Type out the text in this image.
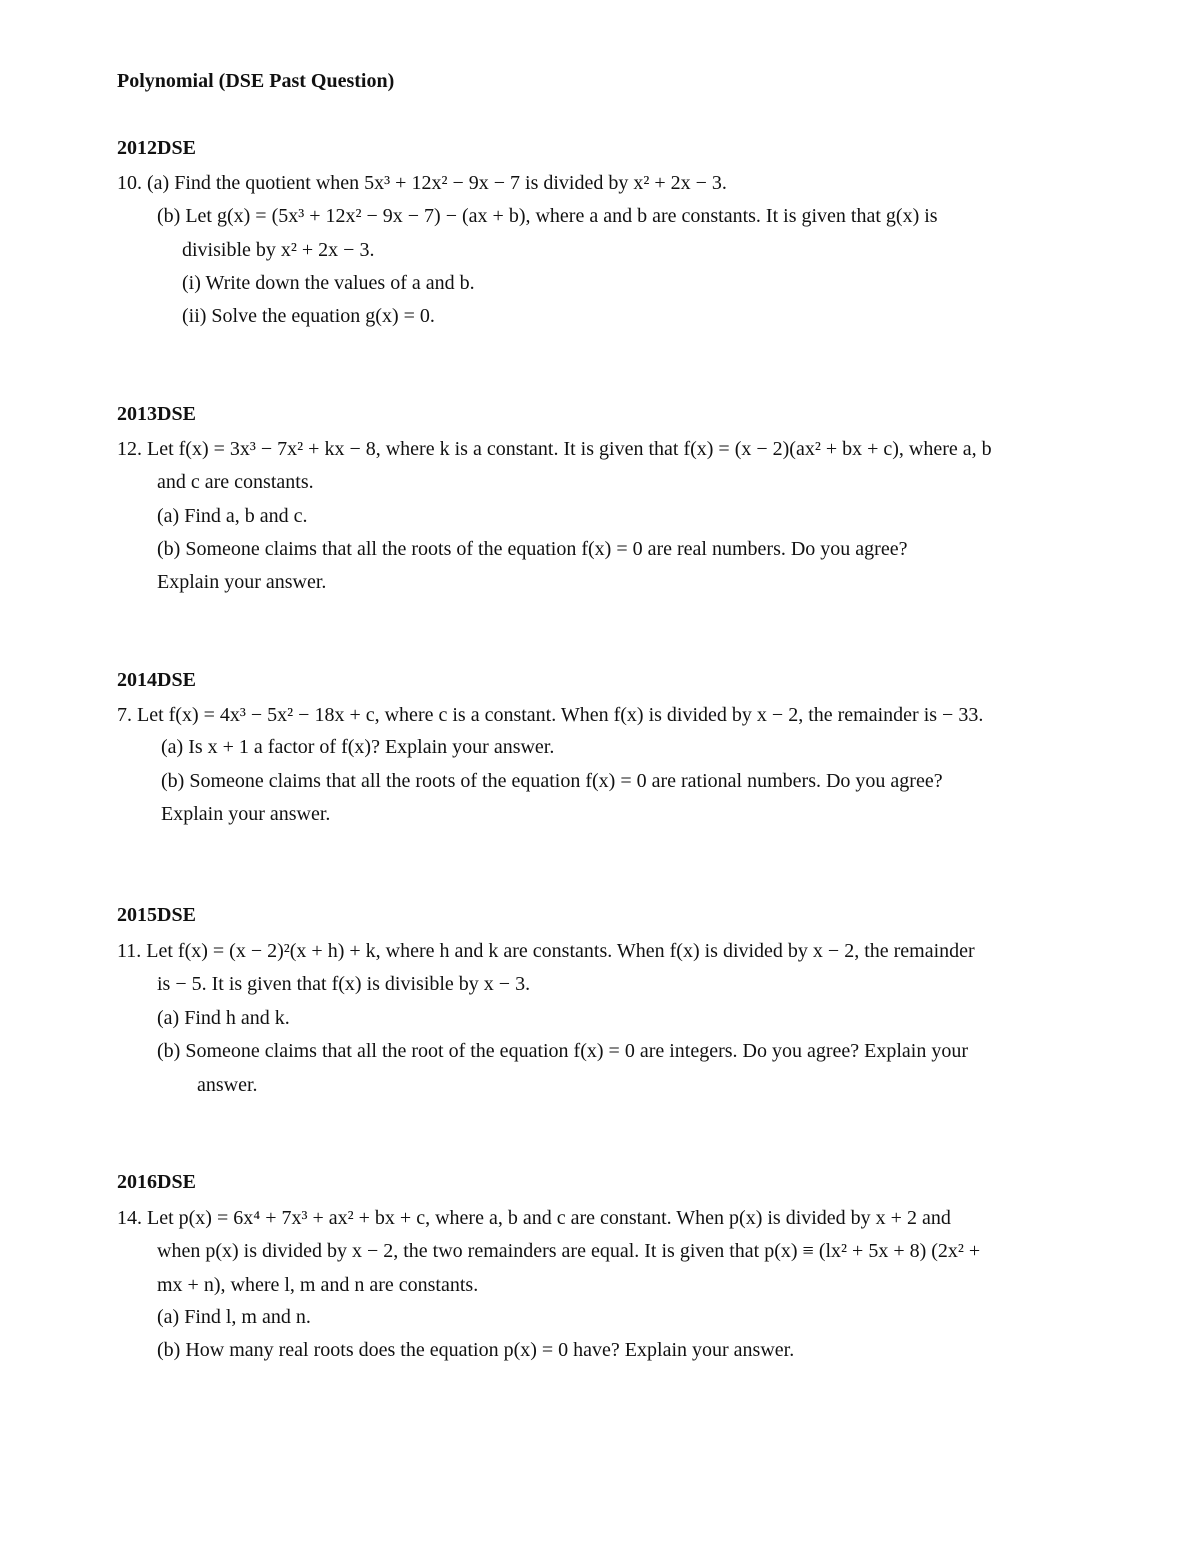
Polynomial (DSE Past Question)
2012DSE
10. (a) Find the quotient when 5x³ + 12x² − 9x − 7 is divided by x² + 2x − 3.
(b) Let g(x) = (5x³ + 12x² − 9x − 7) − (ax + b), where a and b are constants. It is given that g(x) is
divisible by x² + 2x − 3.
(i) Write down the values of a and b.
(ii) Solve the equation g(x) = 0.
2013DSE
12. Let f(x) = 3x³ − 7x² + kx − 8, where k is a constant. It is given that f(x) = (x − 2)(ax² + bx + c), where a, b
and c are constants.
(a) Find a, b and c.
(b) Someone claims that all the roots of the equation f(x) = 0 are real numbers. Do you agree?
Explain your answer.
2014DSE
7. Let f(x) = 4x³ − 5x² − 18x + c, where c is a constant. When f(x) is divided by x − 2, the remainder is − 33.
(a) Is x + 1 a factor of f(x)? Explain your answer.
(b) Someone claims that all the roots of the equation f(x) = 0 are rational numbers. Do you agree?
Explain your answer.
2015DSE
11. Let f(x) = (x − 2)²(x + h) + k, where h and k are constants. When f(x) is divided by x − 2, the remainder
is − 5. It is given that f(x) is divisible by x − 3.
(a) Find h and k.
(b) Someone claims that all the root of the equation f(x) = 0 are integers. Do you agree? Explain your
answer.
2016DSE
14. Let p(x) = 6x⁴ + 7x³ + ax² + bx + c, where a, b and c are constant. When p(x) is divided by x + 2 and
when p(x) is divided by x − 2, the two remainders are equal. It is given that p(x) ≡ (lx² + 5x + 8) (2x² +
mx + n), where l, m and n are constants.
(a) Find l, m and n.
(b) How many real roots does the equation p(x) = 0 have? Explain your answer.
